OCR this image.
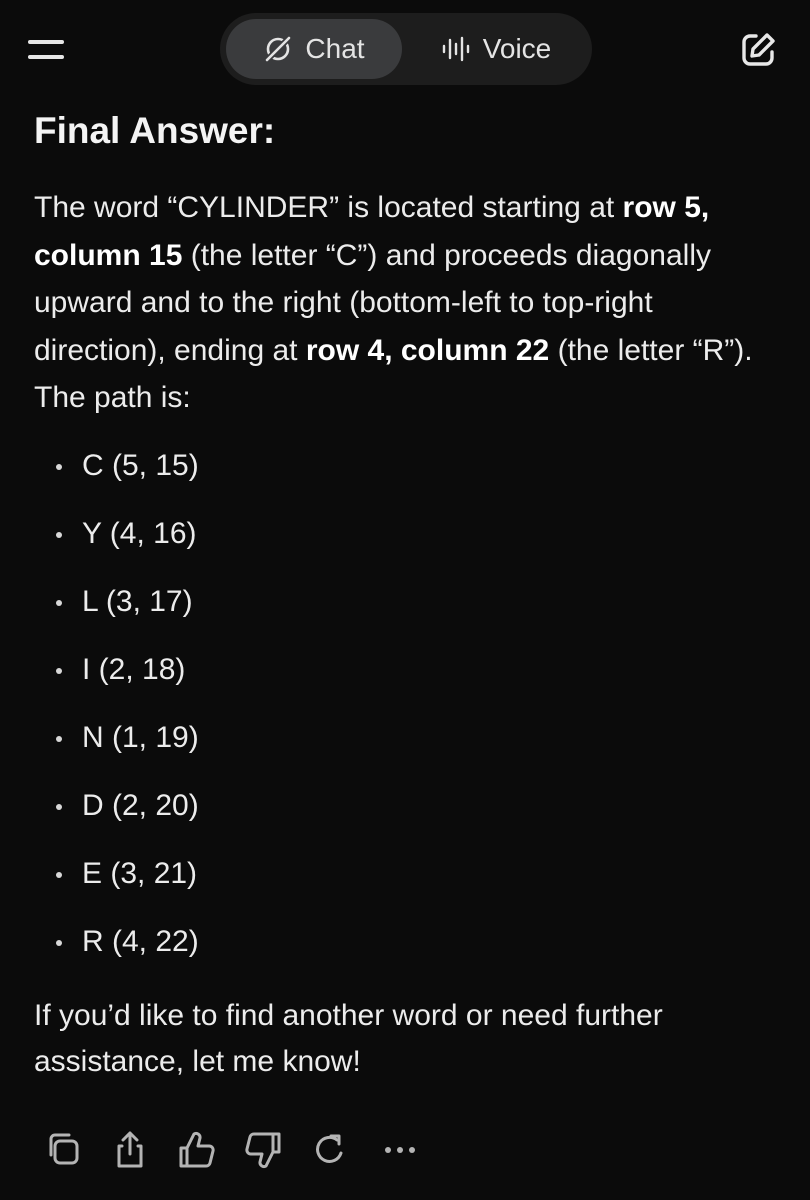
Chat	Voice
Final Answer:

The word “CYLINDER” is located starting at row 5, column 15 (the letter “C”) and proceeds diagonally upward and to the right (bottom-left to top-right direction), ending at row 4, column 22 (the letter “R”). The path is:

C (5, 15)
Y (4, 16)
L (3, 17)
I (2, 18)
N (1, 19)
D (2, 20)
E (3, 21)
R (4, 22)

If you’d like to find another word or need further assistance, let me know!
